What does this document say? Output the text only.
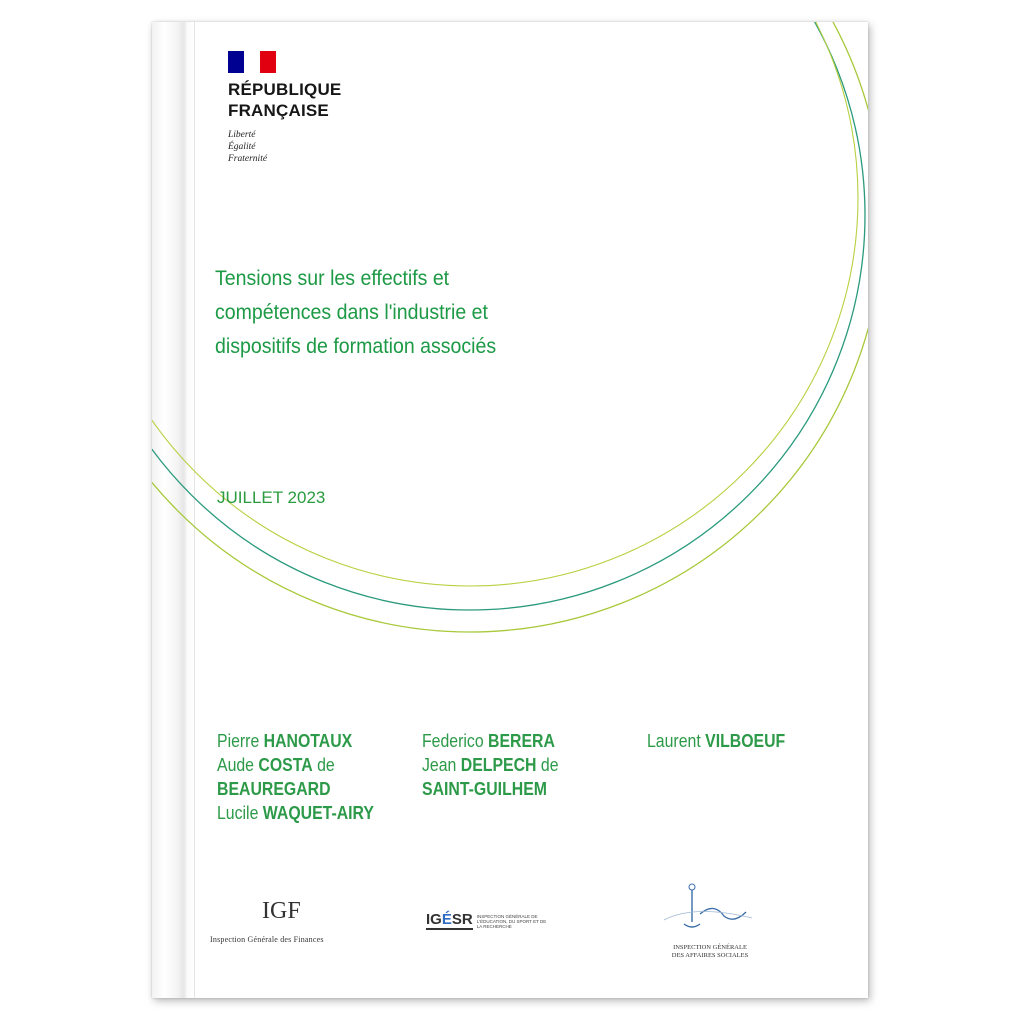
RÉPUBLIQUE
FRANÇAISE
Liberté
Égalité
Fraternité
Tensions sur les effectifs et
compétences dans l'industrie et
dispositifs de formation associés
JUILLET 2023
Pierre HANOTAUX
Aude COSTA de
BEAUREGARD
Lucile WAQUET-AIRY
Federico BERERA
Jean DELPECH de
SAINT-GUILHEM
Laurent VILBOEUF
IGF
Inspection Générale des Finances
IGÉSR INSPECTION GÉNÉRALE DE L'ÉDUCATION, DU SPORT ET DE LA RECHERCHE
INSPECTION GÉNÉRALE
DES AFFAIRES SOCIALES
